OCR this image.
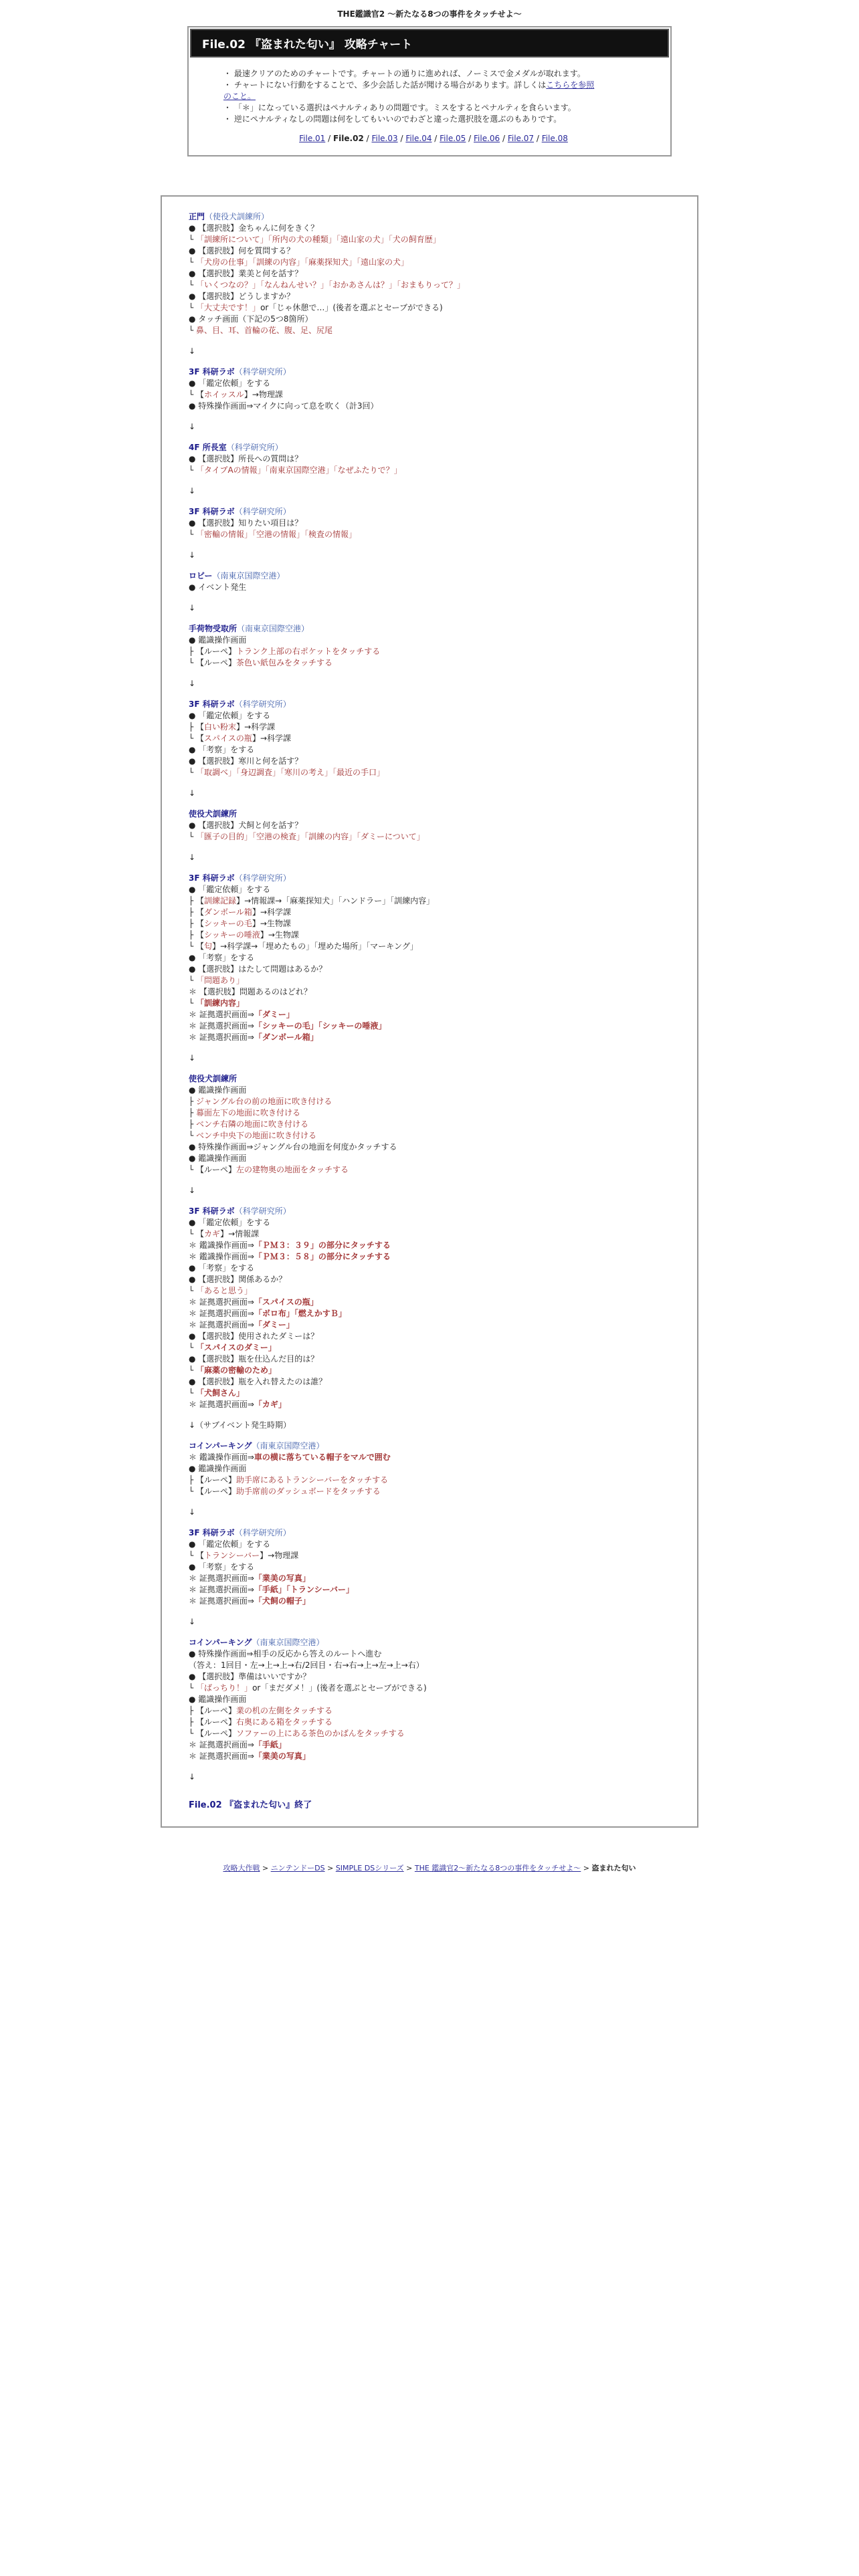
THE鑑識官2 〜新たなる8つの事件をタッチせよ〜
File.02 『盗まれた匂い』 攻略チャート
・ 最速クリアのためのチャートです。チャートの通りに進めれば、ノーミスで金メダルが取れます。
・ チャートにない行動をすることで、多少会話した話が聞ける場合があります。詳しくはこちらを参照
のこと。
・ 「＊」になっている選択はペナルティありの問題です。ミスをするとペナルティを食らいます。
・ 逆にペナルティなしの問題は何をしてもいいのでわざと違った選択肢を選ぶのもありです。
File.01 / File.02 / File.03 / File.04 / File.05 / File.06 / File.07 / File.08
正門（使役犬訓練所）
● 【選択肢】金ちゃんに何をきく？
└ 「訓練所について」「所内の犬の種類」「遠山家の犬」「犬の飼育歴」
● 【選択肢】何を質問する？
└ 「犬房の仕事」「訓練の内容」「麻薬探知犬」「遠山家の犬」
● 【選択肢】業美と何を話す？
└ 「いくつなの？」「なんねんせい？」「おかあさんは？」「おまもりって？」
● 【選択肢】どうしますか？
└ 「大丈夫です！」or「じゃ休憩で…」(後者を選ぶとセーブができる)
● タッチ画面（下記の5つ8箇所）
└ 鼻、目、耳、首輪の花、腹、足、尻尾
↓
3F 科研ラボ（科学研究所）
● 「鑑定依頼」をする
└ 【ホイッスル】→物理課
● 特殊操作画面⇒マイクに向って息を吹く（計3回）
↓
4F 所長室（科学研究所）
● 【選択肢】所長への質問は？
└ 「タイプAの情報」「南東京国際空港」「なぜふたりで？」
↓
3F 科研ラボ（科学研究所）
● 【選択肢】知りたい項目は？
└ 「密輸の情報」「空港の情報」「検査の情報」
↓
ロビー（南東京国際空港）
● イベント発生
↓
手荷物受取所（南東京国際空港）
● 鑑識操作画面
├ 【ルーペ】トランク上部の右ポケットをタッチする
└ 【ルーペ】茶色い紙包みをタッチする
↓
3F 科研ラボ（科学研究所）
● 「鑑定依頼」をする
├ 【白い粉末】→科学課
└ 【スパイスの瓶】→科学課
● 「考察」をする
● 【選択肢】寒川と何を話す？
└ 「取調べ」「身辺調査」「寒川の考え」「最近の手口」
↓
使役犬訓練所
● 【選択肢】犬飼と何を話す？
└ 「匯子の目的」「空港の検査」「訓練の内容」「ダミーについて」
↓
3F 科研ラボ（科学研究所）
● 「鑑定依頼」をする
├ 【訓練記録】→情報課→「麻薬探知犬」「ハンドラー」「訓練内容」
├ 【ダンボール箱】→科学課
├ 【シッキーの毛】→生物課
├ 【シッキーの唾液】→生物課
└ 【匂】→科学課→「埋めたもの」「埋めた場所」「マーキング」
● 「考察」をする
● 【選択肢】はたして問題はあるか？
└ 「問題あり」
＊ 【選択肢】問題あるのはどれ？
└ 「訓練内容」
＊ 証拠選択画面⇒「ダミー」
＊ 証拠選択画面⇒「シッキーの毛」「シッキーの唾液」
＊ 証拠選択画面⇒「ダンボール箱」
↓
使役犬訓練所
● 鑑識操作画面
├ ジャングル台の前の地面に吹き付ける
├ 幕面左下の地面に吹き付ける
├ ベンチ右隣の地面に吹き付ける
└ ベンチ中央下の地面に吹き付ける
● 特殊操作画面⇒ジャングル台の地面を何度かタッチする
● 鑑識操作画面
└ 【ルーペ】左の建物奥の地面をタッチする
↓
3F 科研ラボ（科学研究所）
● 「鑑定依頼」をする
└ 【カギ】→情報課
＊ 鑑識操作画面⇒「ＰＭ３：３９」の部分にタッチする
＊ 鑑識操作画面⇒「ＰＭ３：５８」の部分にタッチする
● 「考察」をする
● 【選択肢】関係あるか？
└ 「あると思う」
＊ 証拠選択画面⇒「スパイスの瓶」
＊ 証拠選択画面⇒「ボロ布」「燃えかすＢ」
＊ 証拠選択画面⇒「ダミー」
● 【選択肢】使用されたダミーは？
└ 「スパイスのダミー」
● 【選択肢】瓶を仕込んだ目的は？
└ 「麻薬の密輸のため」
● 【選択肢】瓶を入れ替えたのは誰？
└ 「犬飼さん」
＊ 証拠選択画面⇒「カギ」
↓（サブイベント発生時期）
コインパーキング（南東京国際空港）
＊ 鑑識操作画面⇒車の横に落ちている帽子をマルで囲む
● 鑑識操作画面
├ 【ルーペ】助手席にあるトランシーバーをタッチする
└ 【ルーペ】助手席前のダッシュボードをタッチする
↓
3F 科研ラボ（科学研究所）
● 「鑑定依頼」をする
└ 【トランシーバー】→物理課
● 「考察」をする
＊ 証拠選択画面⇒「業美の写真」
＊ 証拠選択画面⇒「手紙」「トランシーバー」
＊ 証拠選択画面⇒「犬飼の帽子」
↓
コインパーキング（南東京国際空港）
● 特殊操作画面⇒相手の反応から答えのルートへ進む
（答え：1回目・左→上→上→右/2回目・右→右→上→左→上→右）
● 【選択肢】準備はいいですか？
└ 「ばっちり！」or「まだダメ！」(後者を選ぶとセーブができる)
● 鑑識操作画面
├ 【ルーペ】業の机の左側をタッチする
├ 【ルーペ】右奥にある箱をタッチする
└ 【ルーペ】ソファーの上にある茶色のかばんをタッチする
＊ 証拠選択画面⇒「手紙」
＊ 証拠選択画面⇒「業美の写真」
↓
File.02 『盗まれた匂い』終了
攻略大作戦 > ニンテンドーDS > SIMPLE DSシリーズ > THE 鑑識官2〜新たなる8つの事件をタッチせよ〜 > 盗まれた匂い
